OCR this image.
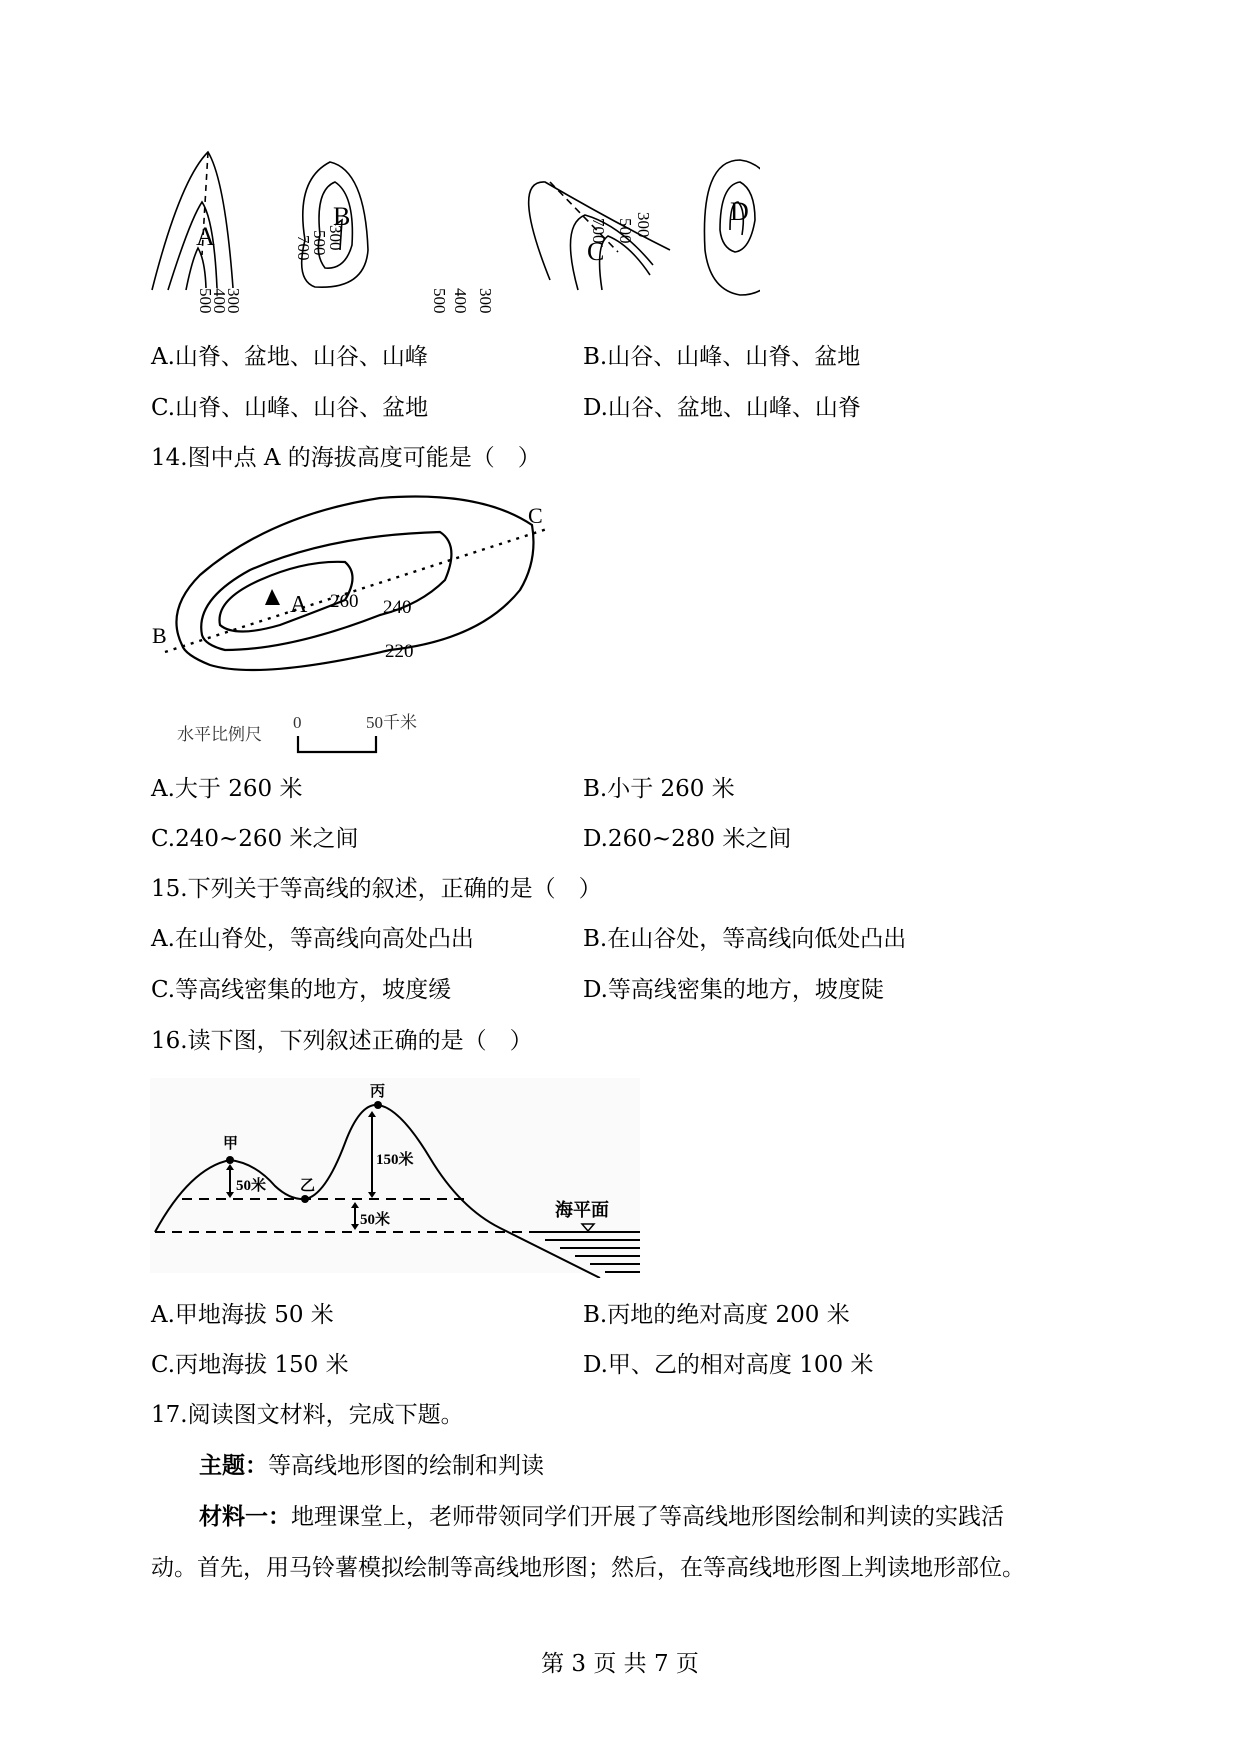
A
B
C
D
300
400
500
300
500
700
500 400 300
700 500 300
A.山脊、盆地、山谷、山峰	B.山谷、山峰、山脊、盆地
C.山脊、山峰、山谷、盆地	D.山谷、盆地、山峰、山脊
14.图中点 A 的海拔高度可能是（　）
A
B
C
260 240
220
水平比例尺
0	50千米
A.大于 260 米	B.小于 260 米
C.240~260 米之间	D.260~280 米之间
15.下列关于等高线的叙述，正确的是（　）
A.在山脊处，等高线向高处凸出	B.在山谷处，等高线向低处凸出
C.等高线密集的地方，坡度缓	D.等高线密集的地方，坡度陡
16.读下图，下列叙述正确的是（　）
甲
乙
丙
50米
150米
50米	海平面
A.甲地海拔 50 米	B.丙地的绝对高度 200 米
C.丙地海拔 150 米	D.甲、乙的相对高度 100 米
17.阅读图文材料，完成下题。
主题：等高线地形图的绘制和判读
材料一：地理课堂上，老师带领同学们开展了等高线地形图绘制和判读的实践活
动。首先，用马铃薯模拟绘制等高线地形图；然后，在等高线地形图上判读地形部位。
第 3 页 共 7 页
